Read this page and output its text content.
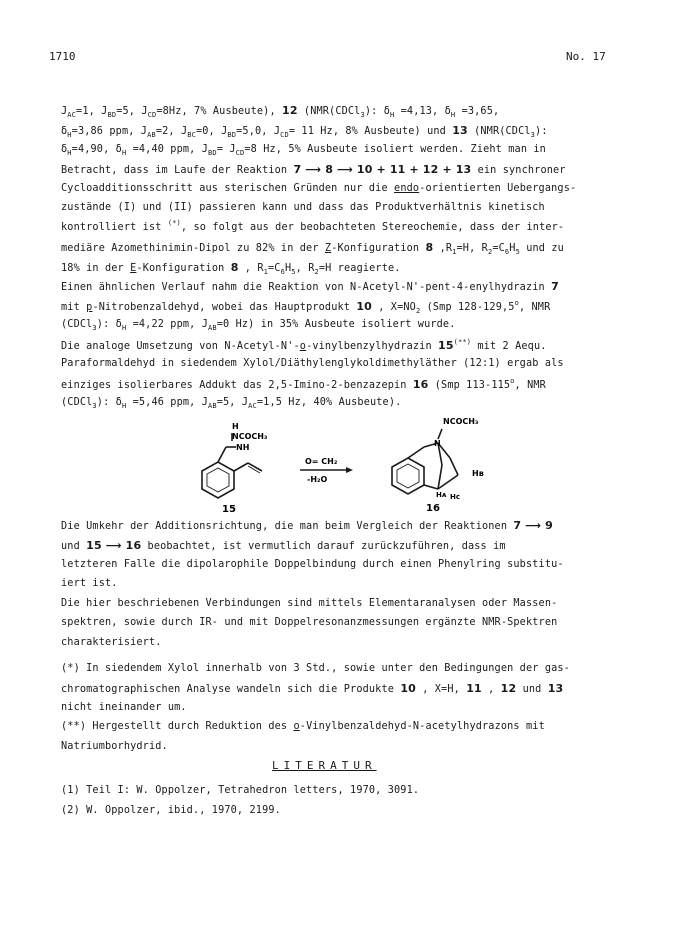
1710	No. 17
$J_{AC}=1$, $J_{BD}=5$, $J_{CD}=8Hz$, 7% Ausbeute), 12 (NMR(CDCl$_3$): $\delta_H =4,13$, $\delta_H =3,65$,
$\delta_H=3,86$ ppm, $J_{AB}=2$, $J_{BC}=0$, $J_{BD}=5,0$, $J_{CD}= 11$ Hz, 8% Ausbeute) und 13 (NMR(CDCl$_3$):
$\delta_H=4,90$, $\delta_H =4,40$ ppm, $J_{BD}= J_{CD}=8$ Hz, 5% Ausbeute isoliert werden. Zieht man in
Betracht, dass im Laufe der Reaktion 7 ⟶ 8 ⟶ 10 + 11 + 12 + 13 ein synchroner
Cycloadditionsschritt aus sterischen Gründen nur die endo-orientierten Uebergangs-
zustände (I) und (II) passieren kann und dass das Produktverhältnis kinetisch
kontrolliert ist (*), so folgt aus der beobachteten Stereochemie, dass der inter-
mediäre Azomethinimin-Dipol zu 82% in der Z-Konfiguration 8 $,R_1=H$, $R_2=C_6H_5$ und zu
18% in der E-Konfiguration 8 , $R_1=C_6H_5$, $R_2=H$ reagierte.
Einen ähnlichen Verlauf nahm die Reaktion von N-Acetyl-N'-pent-4-enylhydrazin 7
mit p-Nitrobenzaldehyd, wobei das Hauptprodukt 10 , $X=NO_2$ (Smp 128-129,5$^o$, NMR
(CDCl$_3$): $\delta_H =4,22$ ppm, $J_{AB}=0$ Hz) in 35% Ausbeute isoliert wurde.
Die analoge Umsetzung von N-Acetyl-N'-o-vinylbenzylhydrazin 15(**) mit 2 Aequ.
Paraformaldehyd in siedendem Xylol/Diäthylenglykoldimethyläther (12:1) ergab als
einziges isolierbares Addukt das 2,5-Imino-2-benzazepin 16 (Smp 113-115$^o$, NMR
(CDCl$_3$): $\delta_H =5,46$ ppm, $J_{AB}=5$, $J_{AC}=1,5$ Hz, 40% Ausbeute).
H
NCOCH₃
NH
15
O= CH₂
-H₂O
NCOCH₃
N
Hʙ
Hᴀ Hᴄ
16
Die Umkehr der Additionsrichtung, die man beim Vergleich der Reaktionen 7 ⟶ 9
und 15 ⟶ 16 beobachtet, ist vermutlich darauf zurückzuführen, dass im
letzteren Falle die dipolarophile Doppelbindung durch einen Phenylring substitu-
iert ist.
Die hier beschriebenen Verbindungen sind mittels Elementaranalysen oder Massen-
spektren, sowie durch IR- und mit Doppelresonanzmessungen ergänzte NMR-Spektren
charakterisiert.
(*) In siedendem Xylol innerhalb von 3 Std., sowie unter den Bedingungen der gas-
chromatographischen Analyse wandeln sich die Produkte 10 , X=H, 11 , 12 und 13
nicht ineinander um.
(**) Hergestellt durch Reduktion des o-Vinylbenzaldehyd-N-acetylhydrazons mit
Natriumborhydrid.
LITERATUR
(1) Teil I: W. Oppolzer, Tetrahedron letters, 1970, 3091.
(2) W. Oppolzer, ibid., 1970, 2199.
